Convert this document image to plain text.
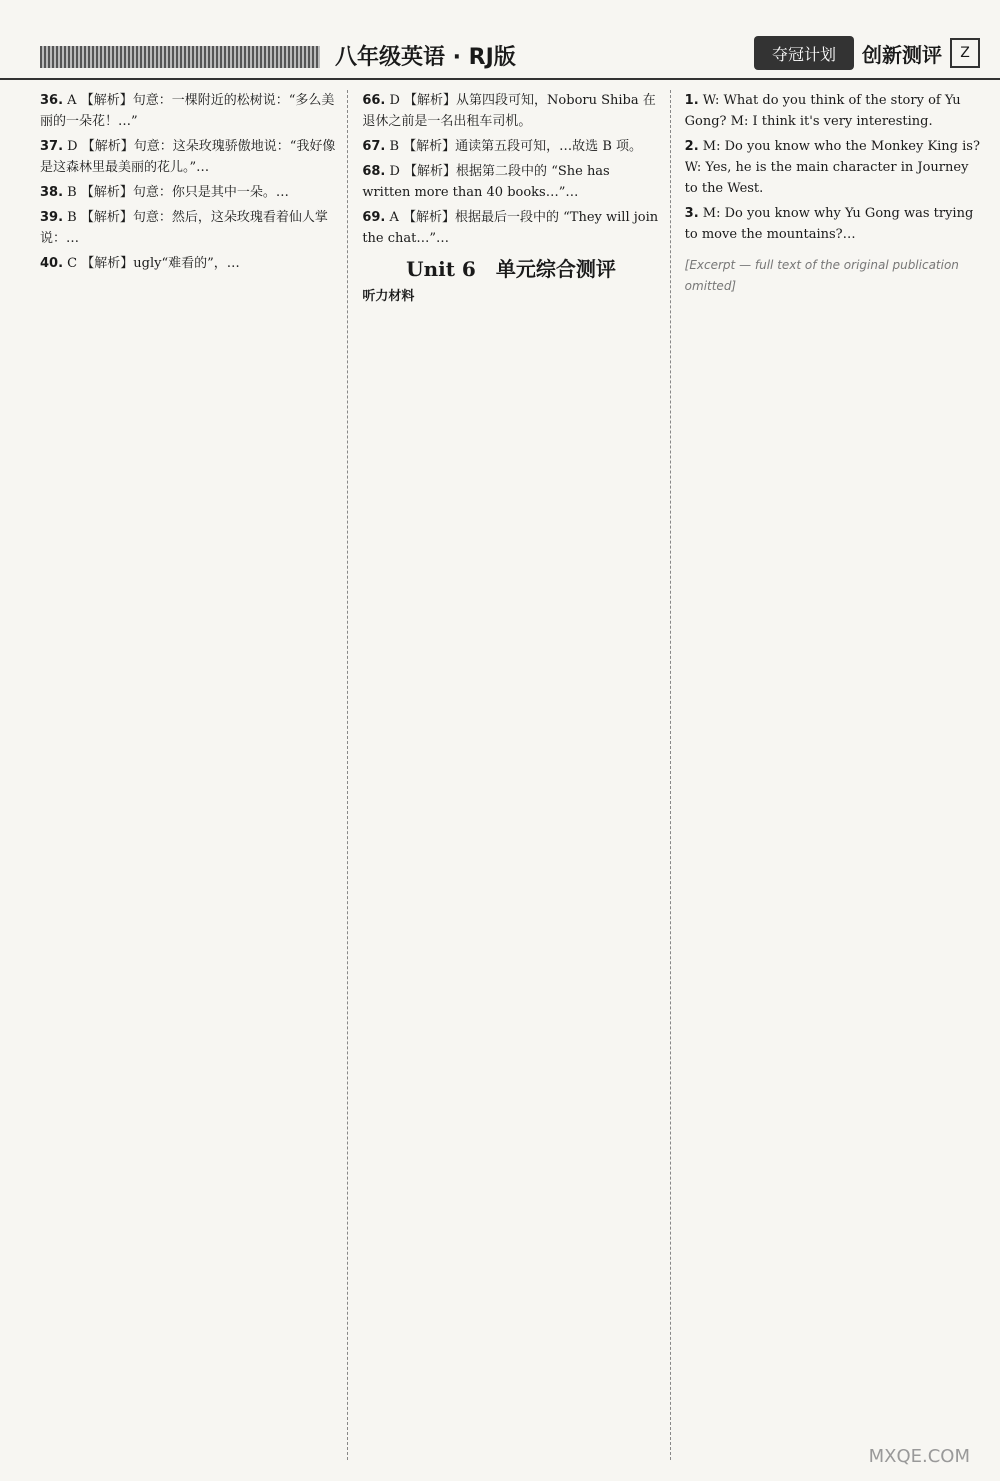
八年级英语 · RJ版	夺冠计划	创新测评	Z
36. A 【解析】句意：一棵附近的松树说：“多么美丽的一朵花！…”
37. D 【解析】句意：这朵玫瑰骄傲地说：“我好像是这森林里最美丽的花儿。”…
38. B 【解析】句意：你只是其中一朵。…
39. B 【解析】句意：然后，这朵玫瑰看着仙人掌说：…
40. C 【解析】ugly“难看的”，…
66. D 【解析】从第四段可知，Noboru Shiba 在退休之前是一名出租车司机。
67. B 【解析】通读第五段可知，…故选 B 项。
68. D 【解析】根据第二段中的 “She has written more than 40 books…”…
69. A 【解析】根据最后一段中的 “They will join the chat…”…
Unit 6　单元综合测评
听力材料
1. W: What do you think of the story of Yu Gong? M: I think it's very interesting.
2. M: Do you know who the Monkey King is? W: Yes, he is the main character in Journey to the West.
3. M: Do you know why Yu Gong was trying to move the mountains?…
[Excerpt — full text of the original publication omitted]
MXQE.COM
